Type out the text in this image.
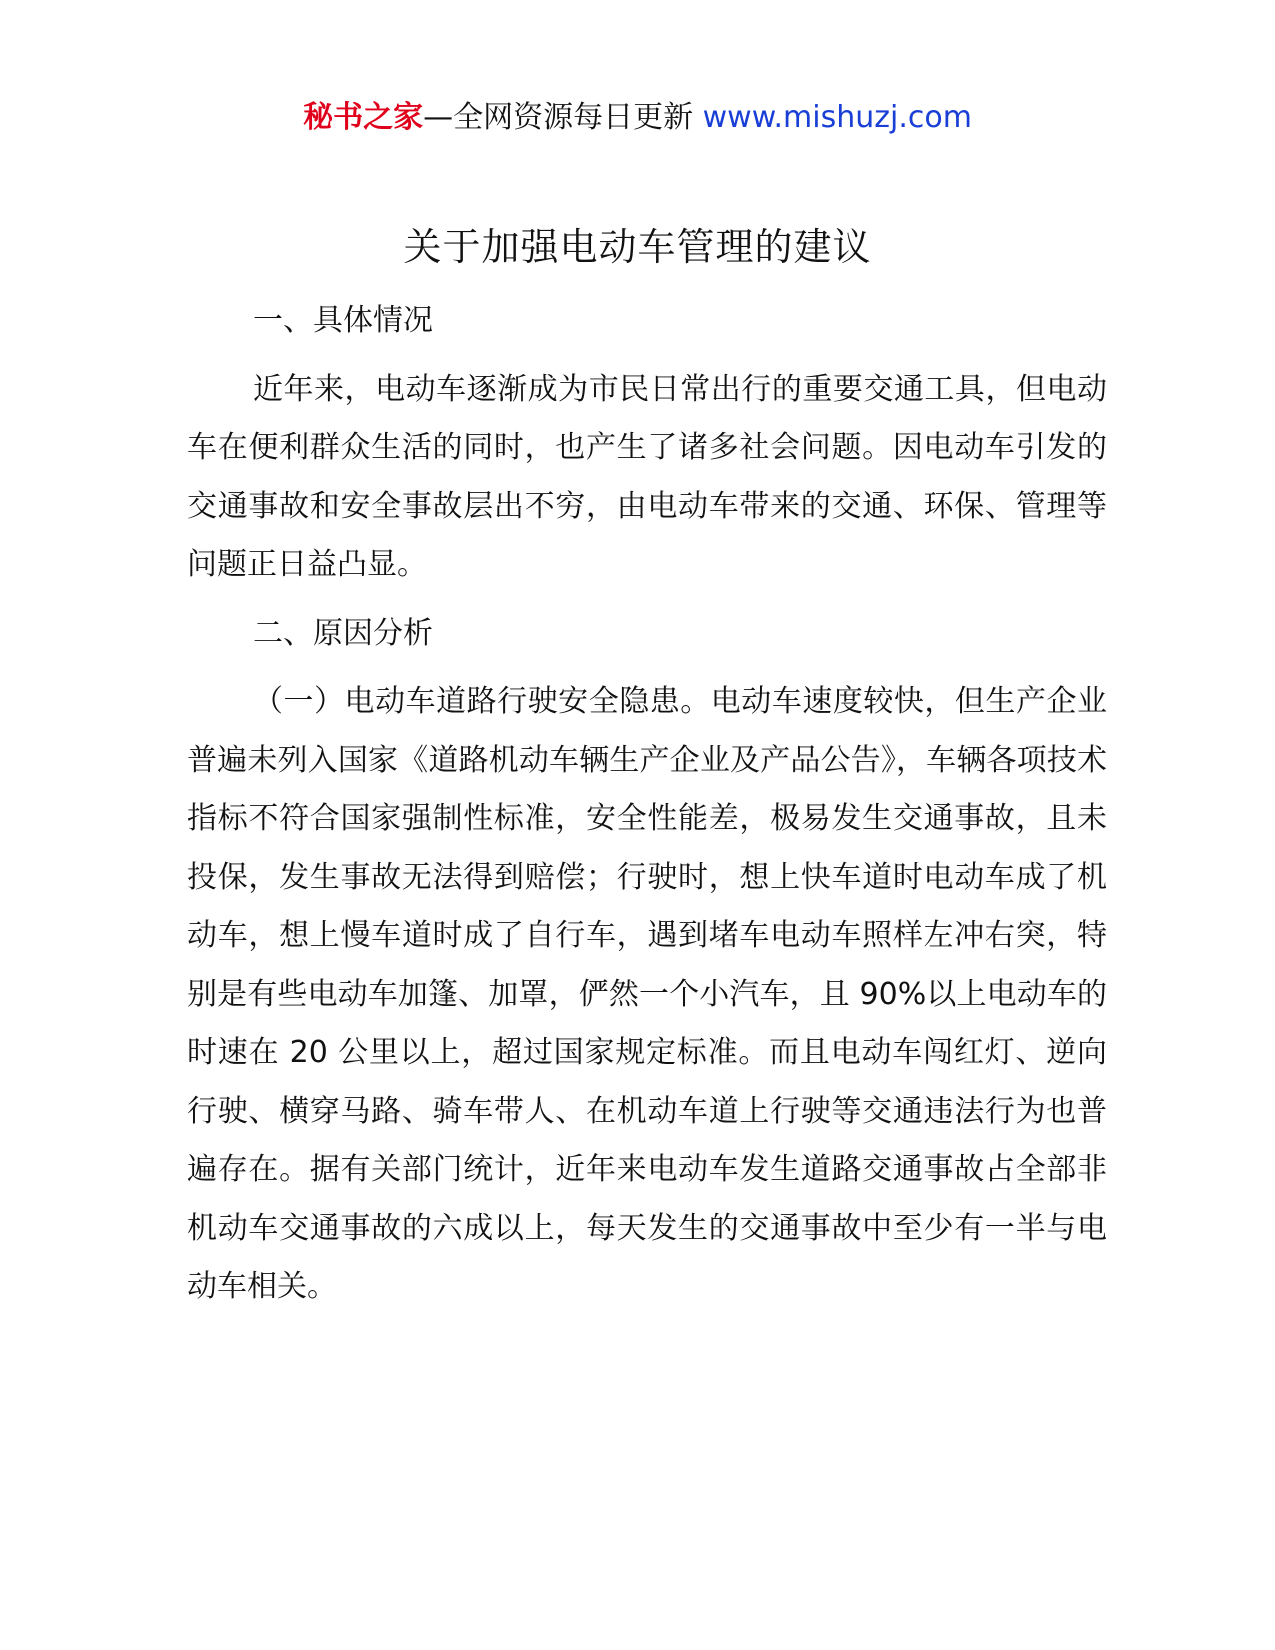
秘书之家—全网资源每日更新 www.mishuzj.com
关于加强电动车管理的建议
一、具体情况
近年来，电动车逐渐成为市民日常出行的重要交通工具，但电动车在便利群众生活的同时，也产生了诸多社会问题。因电动车引发的交通事故和安全事故层出不穷，由电动车带来的交通、环保、管理等问题正日益凸显。
二、原因分析
（一）电动车道路行驶安全隐患。电动车速度较快，但生产企业普遍未列入国家《道路机动车辆生产企业及产品公告》，车辆各项技术指标不符合国家强制性标准，安全性能差，极易发生交通事故，且未投保，发生事故无法得到赔偿；行驶时，想上快车道时电动车成了机动车，想上慢车道时成了自行车，遇到堵车电动车照样左冲右突，特别是有些电动车加篷、加罩，俨然一个小汽车，且 90%以上电动车的时速在 20 公里以上，超过国家规定标准。而且电动车闯红灯、逆向行驶、横穿马路、骑车带人、在机动车道上行驶等交通违法行为也普遍存在。据有关部门统计，近年来电动车发生道路交通事故占全部非机动车交通事故的六成以上，每天发生的交通事故中至少有一半与电动车相关。
